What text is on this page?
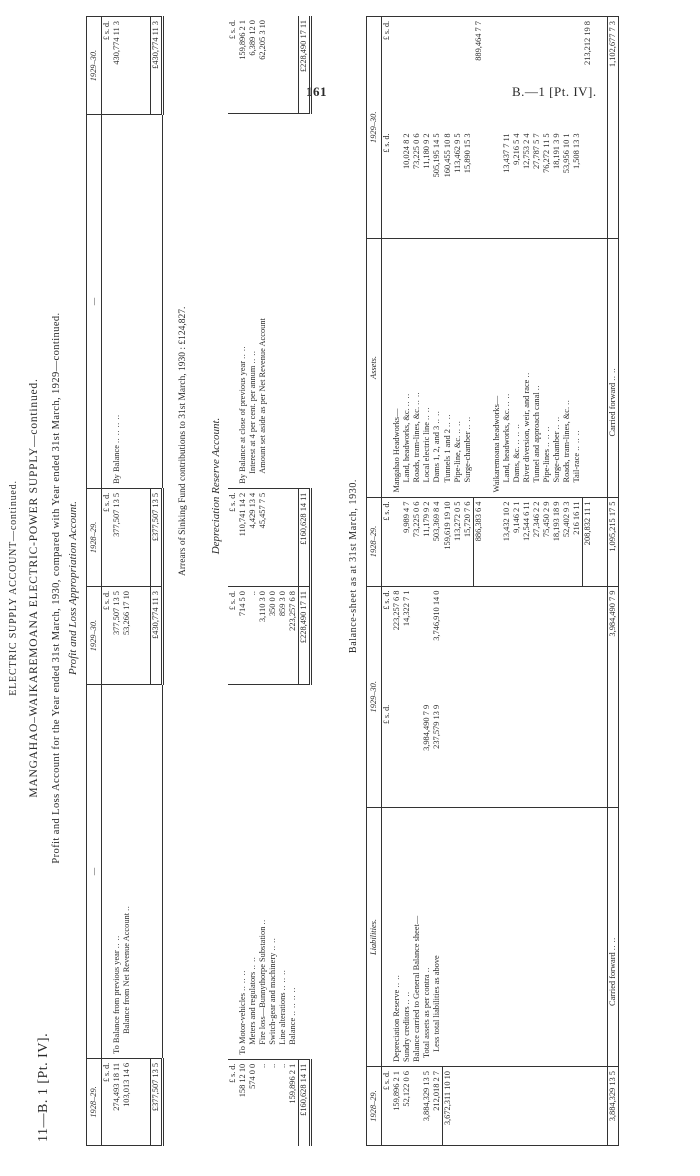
161	B.—1 [Pt. IV].
11—B. 1 [Pt. IV].
ELECTRIC SUPPLY ACCOUNT—continued. MANGAHAO–WAIKAREMOANA ELECTRIC-POWER SUPPLY—continued. Profit and Loss Account for the Year ended 31st March, 1930, compared with Year ended 31st March, 1929—continued. Profit and Loss Appropriation Account.
1928–29.	—	1929–30.	1928–29.	—	1929–30.
£ s. d.		£ s. d.	£ s. d.		£ s. d.
274,493 18 11	To Balance from previous year .. ..	377,507 13 5	377,507 13 5	By Balance .. .. .. ..	430,774 11 3
103,013 14 6	Balance from Net Revenue Account ..	53,266 17 10			

£377,507 13 5		£430,774 11 3	£377,507 13 5		£430,774 11 3
Arrears of Sinking Fund contributions to 31st March, 1930 : £124,827. Depreciation Reserve Account.
£ s. d.		£ s. d.	£ s. d.		£ s. d.
158 12 10	To Motor-vehicles .. .. ..	714 5 0	110,741 14 2	By Balance at close of previous year .. ..	159,896 2 1
574 0 0	Meters and regulators .. ..	..	4,429 13 4	Interest at 4 per cent. per annum .. ..	6,389 12 0
..	Fire loss—Bunnythorpe Substation ..	3,110 3 0	45,457 7 5	Amount set aside as per Net Revenue Account	62,205 3 10
..	Switch-gear and machinery .. ..	350 0 0			
..	Line alterations .. .. ..	859 3 0			
159,896 2 1	Balance .. .. .. ..	223,257 6 8			
£160,628 14 11		£228,490 17 11	£160,628 14 11		£228,490 17 11
Balance-sheet as at 31st March, 1930.
1928–29.	Liabilities.	1929–30.		1928–29.	Assets.	1929–30.	
£ s. d.		£ s. d.	£ s. d.	£ s. d.		£ s. d.	£ s. d.
159,896 2 1	Depreciation Reserve .. ..		223,257 6 8		Mangahao Headworks—		
52,122 0 6	Sundry creditors .. ..		14,322 7 1	9,989 4 7	Land, headworks, &c. .. ..	10,024 8 2	
	Balance carried to General Balance sheet—			73,225 0 6	Roads, tram-lines, &c. .. ..	73,225 0 6	
3,884,329 13 5	Total assets as per contra ..	3,984,490 7 9		11,179 9 2	Local electric line .. ..	11,180 9 2	
212,018 2 7	Less total liabilities as above	237,579 13 9	3,746,910 14 0	503,369 8 4	Dams 1, 2, and 3 .. ..	505,195 14 5	
3,672,311 10 10				159,619 19 10	Tunnels 1 and 2 .. ..	160,455 10 8	
				113,272 0 5	Pipe-line, &c. .. ..	113,462 9 5	
				15,720 7 6	Surge-chamber .. ..	15,890 15 3	
				886,383 6 4			889,464 7 7

					Waikaremoana headworks—		
				13,432 10 2	Land, headworks, &c. .. ..	13,437 7 11	
				9,146 2 1	Dams, &c. .. .. ..	9,216 5 4	
				12,544 6 11	River diversion, weir, and race ..	12,753 2 4	
				27,346 2 2	Tunnel and approach canal ..	27,787 5 7	
				75,450 2 9	Pipe-lines .. .. ..	76,272 11 5	
				18,193 18 9	Surge-chamber .. ..	18,191 3 9	
				52,402 9 3	Roads, tram-lines, &c. ..	53,956 10 1	
				216 16 11	Tail-race .. .. ..	1,508 13 3	
				208,832 11 1			213,212 19 8

3,884,329 13 5	Carried forward .. ..		3,984,490 7 9	1,095,215 17 5	Carried forward .. ..		1,102,677 7 3
